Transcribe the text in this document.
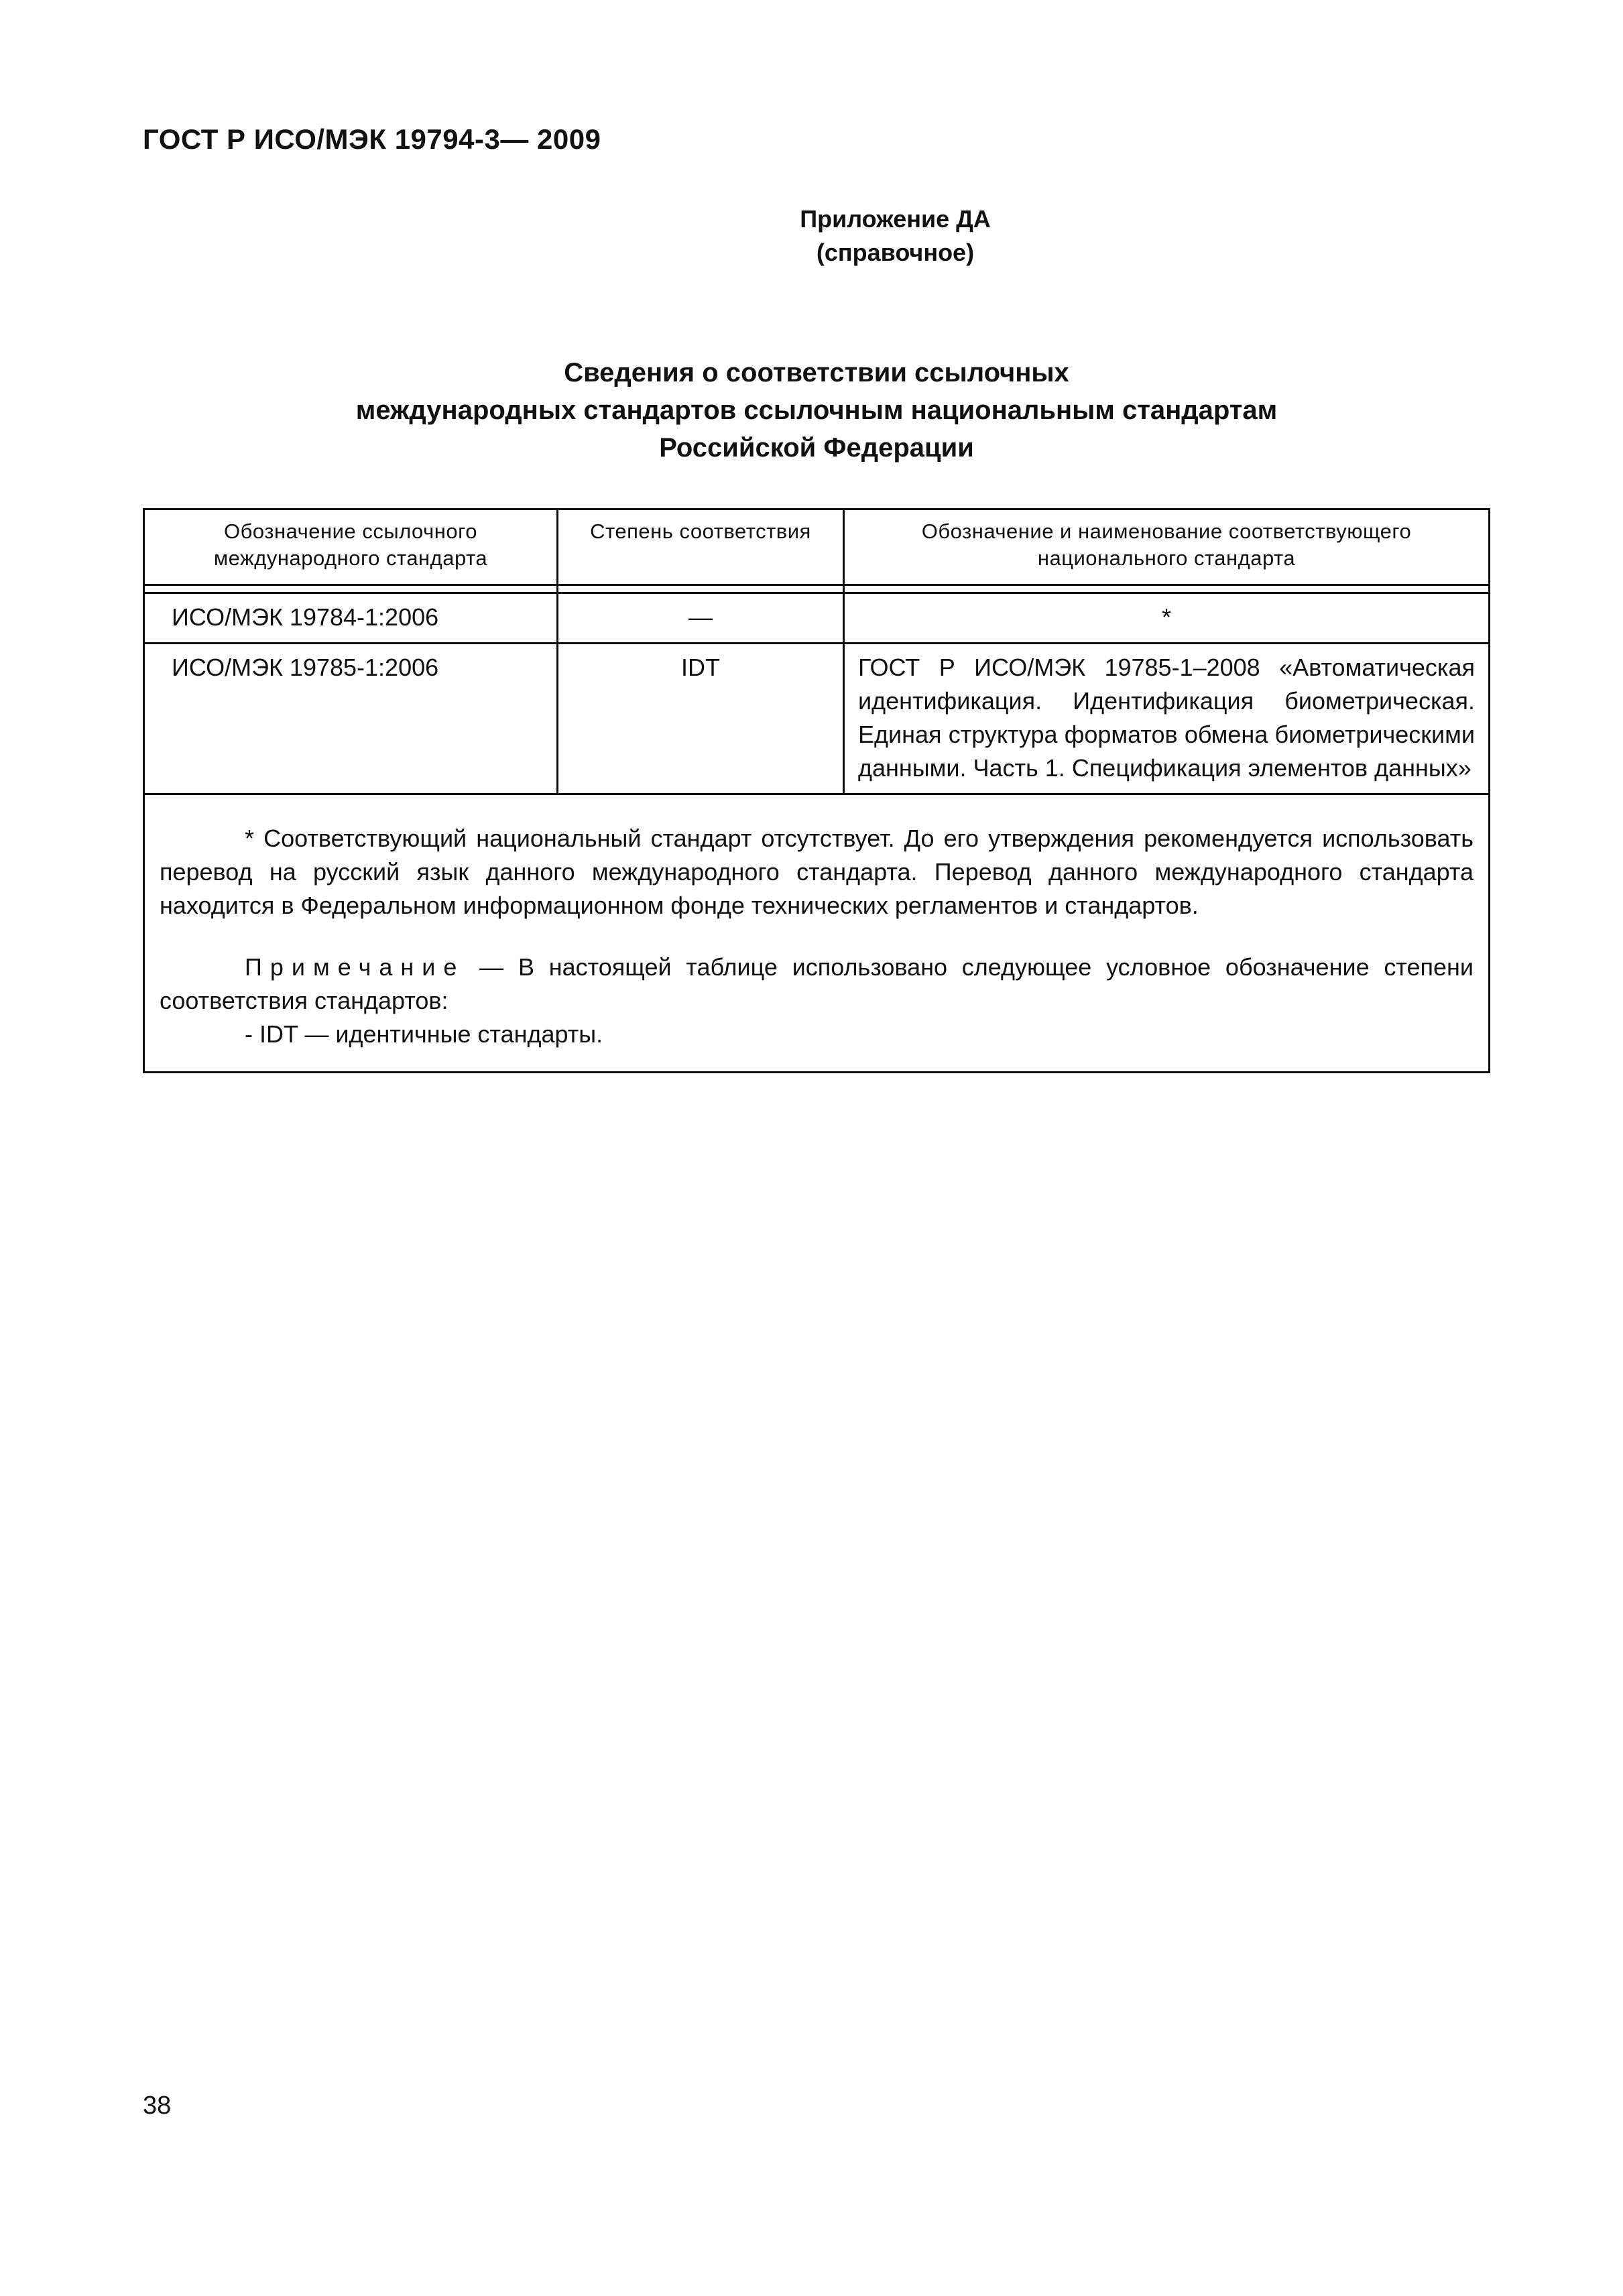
ГОСТ Р ИСО/МЭК 19794-3— 2009
Приложение ДА
(справочное)
Сведения о соответствии ссылочных
международных стандартов ссылочным национальным стандартам
Российской Федерации
Обозначение ссылочного международного стандарта	Степень соответствия	Обозначение и наименование соответствующего национального стандарта

ИСО/МЭК 19784-1:2006	—	*
ИСО/МЭК 19785-1:2006	IDT	ГОСТ Р ИСО/МЭК 19785-1–2008 «Автоматическая идентификация. Идентификация биометрическая. Единая структура форматов обмена биометрическими данными. Часть 1. Спецификация элементов данных»

* Соответствующий национальный стандарт отсутствует. До его утверждения рекомендуется использовать перевод на русский язык данного международного стандарта. Перевод данного международного стандарта находится в Федеральном информационном фонде технических регламентов и стандартов.

Примечание — В настоящей таблице использовано следующее условное обозначение степени соответствия стандартов:

- IDT — идентичные стандарты.		

38
